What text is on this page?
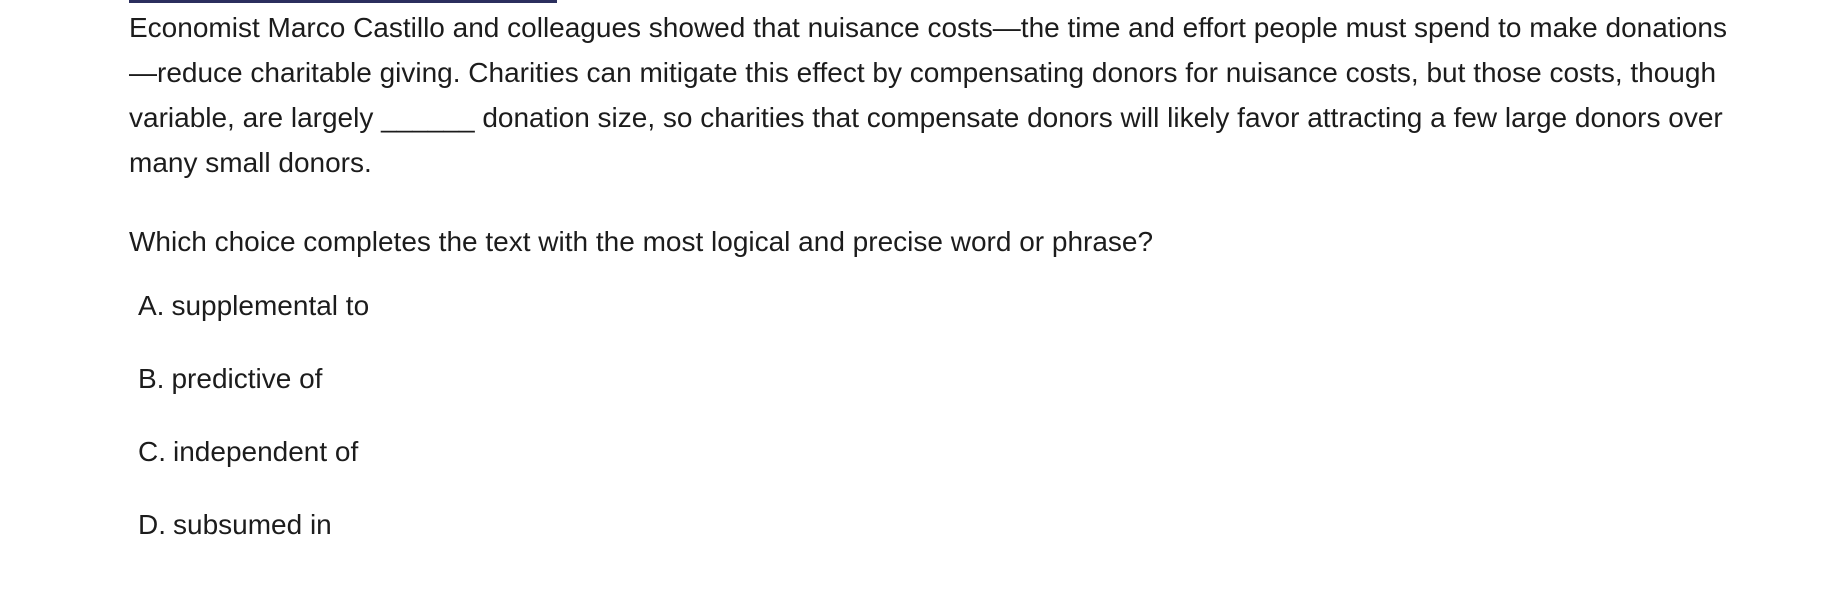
Economist Marco Castillo and colleagues showed that nuisance costs—the time and effort people must spend to make donations—reduce charitable giving. Charities can mitigate this effect by compensating donors for nuisance costs, but those costs, though variable, are largely ______ donation size, so charities that compensate donors will likely favor attracting a few large donors over many small donors.

Which choice completes the text with the most logical and precise word or phrase?

A. supplemental to
B. predictive of
C. independent of
D. subsumed in
